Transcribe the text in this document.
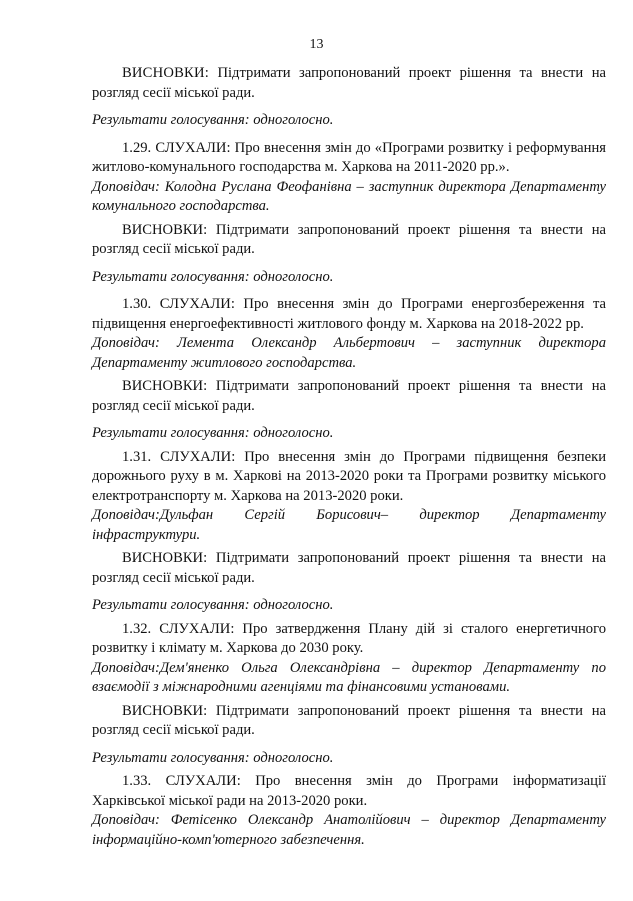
13

ВИСНОВКИ: Підтримати запропонований проект рішення та внести на розгляд сесії міської ради.

Результати голосування: одноголосно.

1.29. СЛУХАЛИ: Про внесення змін до «Програми розвитку і реформування житлово-комунального господарства м. Харкова на 2011-2020 рр.».

Доповідач: Колодна Руслана Феофанівна – заступник директора Департаменту комунального господарства.

ВИСНОВКИ: Підтримати запропонований проект рішення та внести на розгляд сесії міської ради.

Результати голосування: одноголосно.

1.30. СЛУХАЛИ: Про внесення змін до Програми енергозбереження та підвищення енергоефективності житлового фонду м. Харкова на 2018-2022 рр.

Доповідач: Лемента Олександр Альбертович – заступник директора Департаменту житлового господарства.

ВИСНОВКИ: Підтримати запропонований проект рішення та внести на розгляд сесії міської ради.

Результати голосування: одноголосно.

1.31. СЛУХАЛИ: Про внесення змін до Програми підвищення безпеки дорожнього руху в м. Харкові на 2013-2020 роки та Програми розвитку міського електротранспорту м. Харкова на 2013-2020 роки.

Доповідач:Дульфан Сергій Борисович– директор Департаменту інфраструктури.

ВИСНОВКИ: Підтримати запропонований проект рішення та внести на розгляд сесії міської ради.

Результати голосування: одноголосно.

1.32. СЛУХАЛИ: Про затвердження Плану дій зі сталого енергетичного розвитку і клімату м. Харкова до 2030 року.

Доповідач:Дем'яненко Ольга Олександрівна – директор Департаменту по взаємодії з міжнародними агенціями та фінансовими установами.

ВИСНОВКИ: Підтримати запропонований проект рішення та внести на розгляд сесії міської ради.

Результати голосування: одноголосно.

1.33. СЛУХАЛИ: Про внесення змін до Програми інформатизації Харківської міської ради на 2013-2020 роки.

Доповідач: Фетісенко Олександр Анатолійович – директор Департаменту інформаційно-комп'ютерного забезпечення.
